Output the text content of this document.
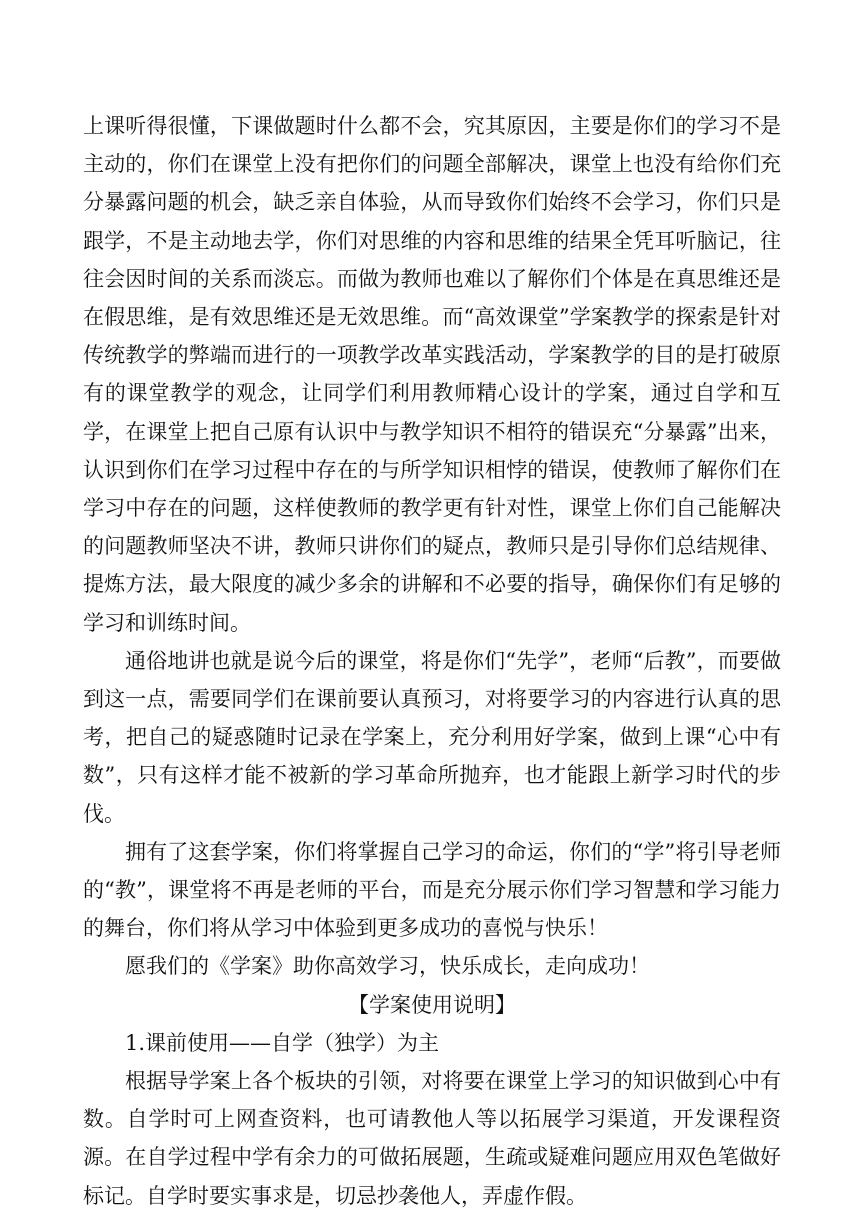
上课听得很懂，下课做题时什么都不会，究其原因，主要是你们的学习不是主动的，你们在课堂上没有把你们的问题全部解决，课堂上也没有给你们充分暴露问题的机会，缺乏亲自体验，从而导致你们始终不会学习，你们只是跟学，不是主动地去学，你们对思维的内容和思维的结果全凭耳听脑记，往往会因时间的关系而淡忘。而做为教师也难以了解你们个体是在真思维还是在假思维，是有效思维还是无效思维。而“高效课堂”学案教学的探索是针对传统教学的弊端而进行的一项教学改革实践活动，学案教学的目的是打破原有的课堂教学的观念，让同学们利用教师精心设计的学案，通过自学和互学，在课堂上把自己原有认识中与教学知识不相符的错误充“分暴露”出来，认识到你们在学习过程中存在的与所学知识相悖的错误，使教师了解你们在学习中存在的问题，这样使教师的教学更有针对性，课堂上你们自己能解决的问题教师坚决不讲，教师只讲你们的疑点，教师只是引导你们总结规律、提炼方法，最大限度的减少多余的讲解和不必要的指导，确保你们有足够的学习和训练时间。

通俗地讲也就是说今后的课堂，将是你们“先学”，老师“后教”，而要做到这一点，需要同学们在课前要认真预习，对将要学习的内容进行认真的思考，把自己的疑惑随时记录在学案上，充分利用好学案，做到上课“心中有数”，只有这样才能不被新的学习革命所抛弃，也才能跟上新学习时代的步伐。

拥有了这套学案，你们将掌握自己学习的命运，你们的“学”将引导老师的“教”，课堂将不再是老师的平台，而是充分展示你们学习智慧和学习能力的舞台，你们将从学习中体验到更多成功的喜悦与快乐！

愿我们的《学案》助你高效学习，快乐成长，走向成功！

【学案使用说明】

1.课前使用——自学（独学）为主

根据导学案上各个板块的引领，对将要在课堂上学习的知识做到心中有数。自学时可上网查资料，也可请教他人等以拓展学习渠道，开发课程资源。在自学过程中学有余力的可做拓展题，生疏或疑难问题应用双色笔做好标记。自学时要实事求是，切忌抄袭他人，弄虚作假。
